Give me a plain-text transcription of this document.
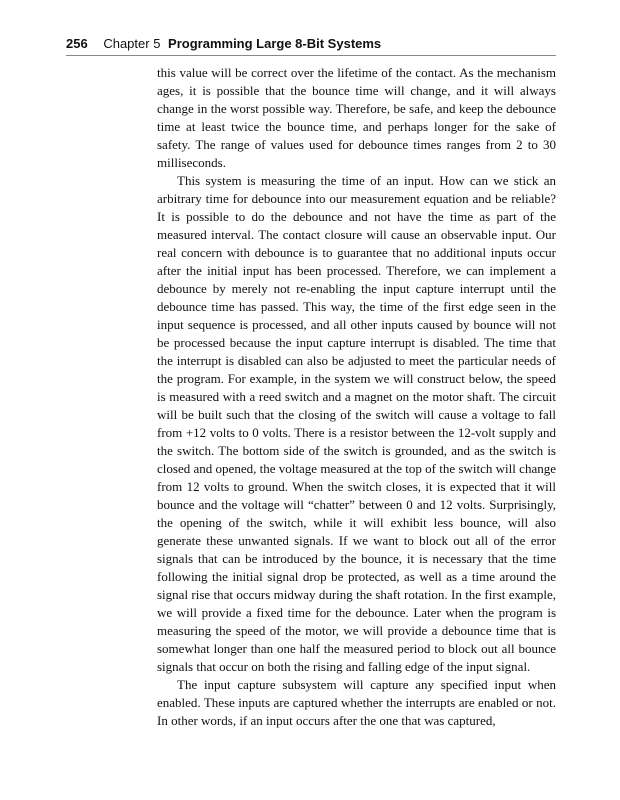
256 Chapter 5 Programming Large 8-Bit Systems

this value will be correct over the lifetime of the contact. As the mechanism ages, it is possible that the bounce time will change, and it will always change in the worst possible way. Therefore, be safe, and keep the debounce time at least twice the bounce time, and perhaps longer for the sake of safety. The range of values used for debounce times ranges from 2 to 30 milliseconds.

This system is measuring the time of an input. How can we stick an arbitrary time for debounce into our measurement equation and be reliable? It is possible to do the debounce and not have the time as part of the measured interval. The contact closure will cause an observable input. Our real concern with debounce is to guarantee that no additional inputs occur after the initial input has been processed. Therefore, we can implement a debounce by merely not re-enabling the input capture interrupt until the debounce time has passed. This way, the time of the first edge seen in the input sequence is processed, and all other inputs caused by bounce will not be processed because the input capture interrupt is disabled. The time that the interrupt is disabled can also be adjusted to meet the particular needs of the program. For example, in the system we will construct below, the speed is measured with a reed switch and a magnet on the motor shaft. The circuit will be built such that the closing of the switch will cause a voltage to fall from +12 volts to 0 volts. There is a resistor between the 12-volt supply and the switch. The bottom side of the switch is grounded, and as the switch is closed and opened, the voltage measured at the top of the switch will change from 12 volts to ground. When the switch closes, it is expected that it will bounce and the voltage will “chatter” between 0 and 12 volts. Surprisingly, the opening of the switch, while it will exhibit less bounce, will also generate these unwanted signals. If we want to block out all of the error signals that can be introduced by the bounce, it is necessary that the time following the initial signal drop be protected, as well as a time around the signal rise that occurs midway during the shaft rotation. In the first example, we will provide a fixed time for the debounce. Later when the program is measuring the speed of the motor, we will provide a debounce time that is somewhat longer than one half the measured period to block out all bounce signals that occur on both the rising and falling edge of the input signal.

The input capture subsystem will capture any specified input when enabled. These inputs are captured whether the interrupts are enabled or not. In other words, if an input occurs after the one that was captured,
